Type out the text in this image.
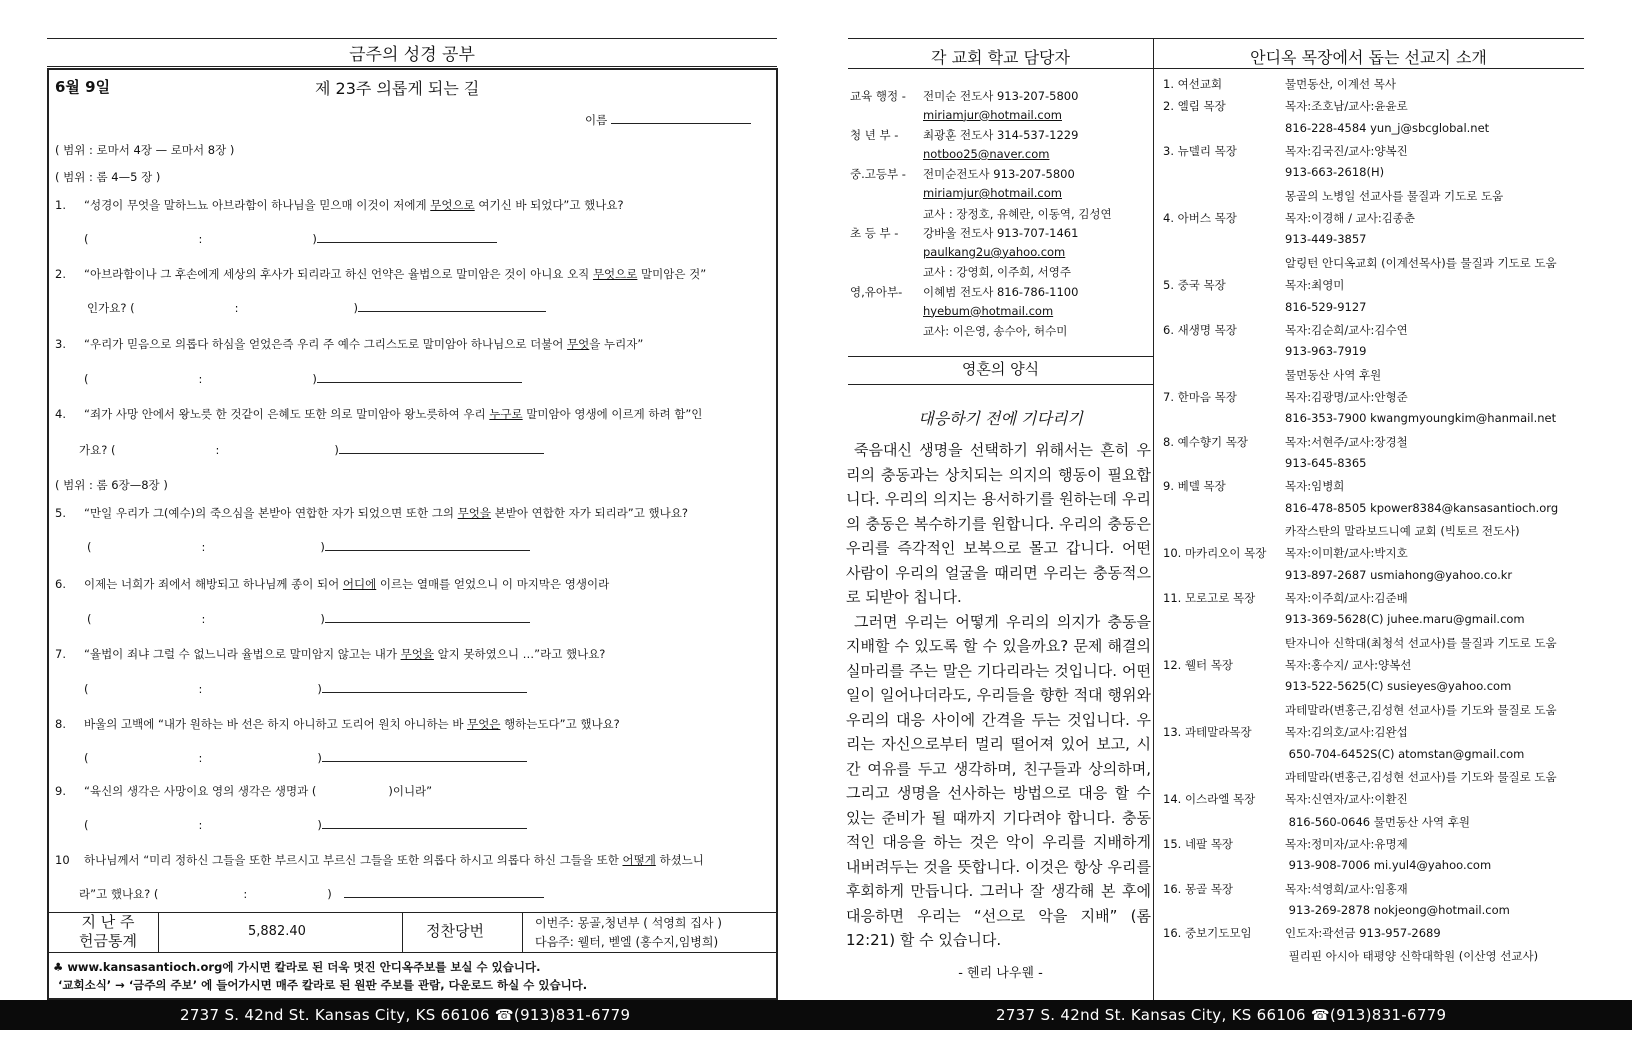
금주의 성경 공부
6월 9일	제 23주 의롭게 되는 길
이름
( 범위 : 로마서 4장 — 로마서 8장 )
( 범위 : 롬 4—5 장 )
1. “성경이 무엇을 말하느뇨 아브라함이 하나님을 믿으매 이것이 저에게 무엇으로 여기신 바 되었다”고 했나요?
(	:	)
2. “아브라함이나 그 후손에게 세상의 후사가 되리라고 하신 언약은 율법으로 말미암은 것이 아니요 오직 무엇으로 말미암은 것”
인가요? (	:	)
3. “우리가 믿음으로 의롭다 하심을 얻었은즉 우리 주 예수 그리스도로 말미암아 하나님으로 더불어 무엇을 누리자”
(	:	)
4. “죄가 사망 안에서 왕노릇 한 것같이 은혜도 또한 의로 말미암아 왕노릇하여 우리 누구로 말미암아 영생에 이르게 하려 함”인
가요? (	:	)
( 범위 : 롬 6장—8장 )
5. “만일 우리가 그(예수)의 죽으심을 본받아 연합한 자가 되었으면 또한 그의 무엇을 본받아 연합한 자가 되리라”고 했나요?
(	:	)
6. 이제는 너희가 죄에서 해방되고 하나님께 종이 되어 어디에 이르는 열매를 얻었으니 이 마지막은 영생이라
(	:	)
7. “율법이 죄냐 그럴 수 없느니라 율법으로 말미암지 않고는 내가 무엇을 알지 못하였으니 …”라고 했나요?
(	:	)
8. 바울의 고백에 “내가 원하는 바 선은 하지 아니하고 도리어 원치 아니하는 바 무엇은 행하는도다”고 했나요?
(	:	)
9. “육신의 생각은 사망이요 영의 생각은 생명과 (	)이니라”
(	:	)
10 하나님께서 “미리 정하신 그들을 또한 부르시고 부르신 그들을 또한 의롭다 하시고 의롭다 하신 그들을 또한 어떻게 하셨느니
라”고 했나요? (	:	)
지 난 주
헌금통계
5,882.40	정찬당번	이번주: 몽골,청년부 ( 석영희 집사 )
다음주: 웰터, 벧엘 (홍수지,임병희)
♣ www.kansasantioch.org에 가시면 칼라로 된 더욱 멋진 안디옥주보를 보실 수 있습니다.
‘교회소식’ → ‘금주의 주보’ 에 들어가시면 매주 칼라로 된 원판 주보를 관람, 다운로드 하실 수 있습니다.
각 교회 학교 담당자	안디옥 목장에서 돕는 선교지 소개
교육 행정 - 전미순 전도사 913-207-5800
miriamjur@hotmail.com
청 년 부 - 최광훈 전도사 314-537-1229
notboo25@naver.com
중.고등부 - 전미순전도사 913-207-5800
miriamjur@hotmail.com
교사 : 장정호, 유혜란, 이동역, 김성연
초 등 부 - 강바울 전도사 913-707-1461
paulkang2u@yahoo.com
교사 : 강영희, 이주희, 서영주
영,유아부- 이혜범 전도사 816-786-1100
hyebum@hotmail.com
교사: 이은영, 송수아, 허수미
영혼의 양식
대응하기 전에 기다리기

죽음대신 생명을 선택하기 위해서는 흔히 우리의 충동과는 상치되는 의지의 행동이 필요합니다. 우리의 의지는 용서하기를 원하는데 우리의 충동은 복수하기를 원합니다. 우리의 충동은 우리를 즉각적인 보복으로 몰고 갑니다. 어떤 사람이 우리의 얼굴을 때리면 우리는 충동적으로 되받아 칩니다.

그러면 우리는 어떻게 우리의 의지가 충동을 지배할 수 있도록 할 수 있을까요? 문제 해결의 실마리를 주는 말은 기다리라는 것입니다. 어떤 일이 일어나더라도, 우리들을 향한 적대 행위와 우리의 대응 사이에 간격을 두는 것입니다. 우리는 자신으로부터 멀리 떨어져 있어 보고, 시간 여유를 두고 생각하며, 친구들과 상의하며, 그리고 생명을 선사하는 방법으로 대응 할 수 있는 준비가 될 때까지 기다려야 합니다. 충동적인 대응을 하는 것은 악이 우리를 지배하게 내버려두는 것을 뜻합니다. 이것은 항상 우리를 후회하게 만듭니다. 그러나 잘 생각해 본 후에 대응하면 우리는 “선으로 악을 지배” (롬 12:21) 할 수 있습니다.

- 헨리 나우웬 -
1. 여선교회	물먼동산, 이계선 목사
2. 엘림 목장	목자:조호남/교사:윤윤로
816-228-4584 yun_j@sbcglobal.net
3. 뉴델리 목장	목자:김국진/교사:양복진
913-663-2618(H)
몽골의 노병일 선교사를 물질과 기도로 도움
4. 아버스 목장	목자:이경해 / 교사:김종춘
913-449-3857
알링턴 안디옥교회 (이계선목사)를 물질과 기도로 도움
5. 중국 목장	목자:최영미
816-529-9127
6. 새생명 목장	목자:김순희/교사:김수연
913-963-7919
물먼동산 사역 후원
7. 한마음 목장	목자:김광명/교사:안형준
816-353-7900 kwangmyoungkim@hanmail.net
8. 예수향기 목장	목자:서현주/교사:장경철
913-645-8365
9. 베델 목장	목자:임병희
816-478-8505 kpower8384@kansasantioch.org
카작스탄의 말라보드니예 교회 (빅토르 전도사)
10. 마카리오이 목장 목자:이미환/교사:박지호
913-897-2687 usmiahong@yahoo.co.kr
11. 모로고로 목장	목자:이주희/교사:김준배
913-369-5628(C) juhee.maru@gmail.com
탄자니아 신학대(최청석 선교사)를 물질과 기도로 도움
12. 웰터 목장	목자:홍수지/ 교사:양복선
913-522-5625(C) susieyes@yahoo.com
과테말라(변홍근,김성현 선교사)를 기도와 물질로 도움
13. 과테말라목장	목자:김의호/교사:김완섭
650-704-6452S(C) atomstan@gmail.com
과테말라(변홍근,김성현 선교사)를 기도와 물질로 도움
14. 이스라엘 목장	목자:신연자/교사:이환진
816-560-0646 물먼동산 사역 후원
15. 네팔 목장	목자:정미자/교사:유명제
913-908-7006 mi.yul4@yahoo.com
16. 몽골 목장	목자:석영희/교사:임홍재
913-269-2878 nokjeong@hotmail.com
16. 중보기도모임	인도자:곽선금 913-957-2689
필리핀 아시아 태평양 신학대학원 (이산영 선교사)
2737 S. 42nd St. Kansas City, KS 66106 ☎(913)831-6779	2737 S. 42nd St. Kansas City, KS 66106 ☎(913)831-6779
